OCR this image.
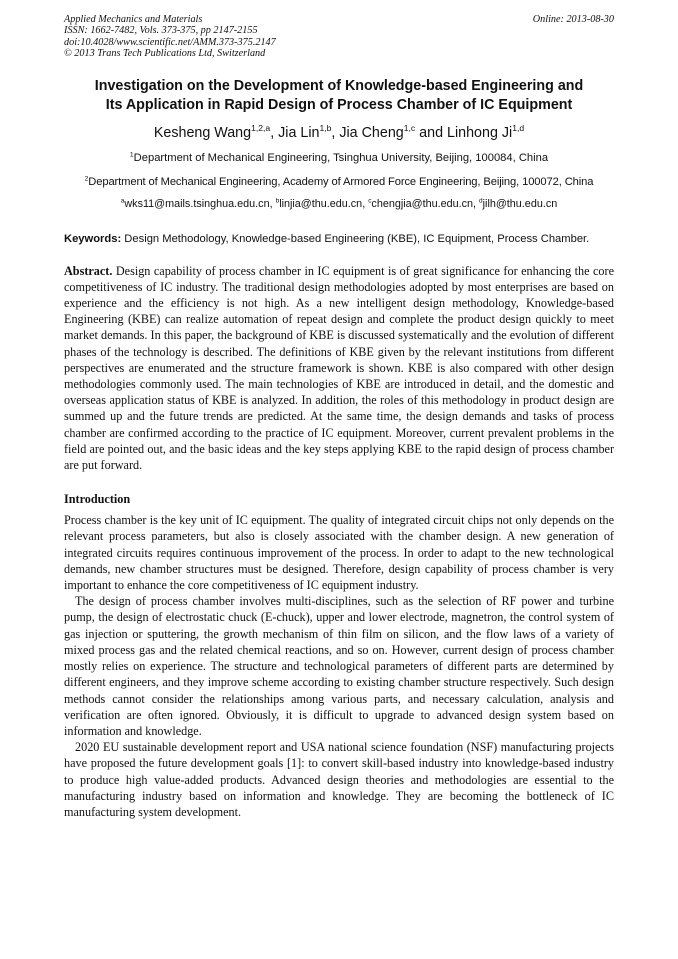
Applied Mechanics and Materials
ISSN: 1662-7482, Vols. 373-375, pp 2147-2155
doi:10.4028/www.scientific.net/AMM.373-375.2147
© 2013 Trans Tech Publications Ltd, Switzerland
Online: 2013-08-30
Investigation on the Development of Knowledge-based Engineering and
Its Application in Rapid Design of Process Chamber of IC Equipment
Kesheng Wang$^{1,2,a}$, Jia Lin$^{1,b}$, Jia Cheng$^{1,c}$ and Linhong Ji$^{1,d}$
$^1$Department of Mechanical Engineering, Tsinghua University, Beijing, 100084, China
$^2$Department of Mechanical Engineering, Academy of Armored Force Engineering, Beijing, 100072, China
$^a$wks11@mails.tsinghua.edu.cn, $^b$linjia@thu.edu.cn, $^c$chengjia@thu.edu.cn, $^d$jilh@thu.edu.cn
Keywords: Design Methodology, Knowledge-based Engineering (KBE), IC Equipment, Process Chamber.
Abstract. Design capability of process chamber in IC equipment is of great significance for enhancing the core competitiveness of IC industry. The traditional design methodologies adopted by most enterprises are based on experience and the efficiency is not high. As a new intelligent design methodology, Knowledge-based Engineering (KBE) can realize automation of repeat design and complete the product design quickly to meet market demands. In this paper, the background of KBE is discussed systematically and the evolution of different phases of the technology is described. The definitions of KBE given by the relevant institutions from different perspectives are enumerated and the structure framework is shown. KBE is also compared with other design methodologies commonly used. The main technologies of KBE are introduced in detail, and the domestic and overseas application status of KBE is analyzed. In addition, the roles of this methodology in product design are summed up and the future trends are predicted. At the same time, the design demands and tasks of process chamber are confirmed according to the practice of IC equipment. Moreover, current prevalent problems in the field are pointed out, and the basic ideas and the key steps applying KBE to the rapid design of process chamber are put forward.
Introduction

Process chamber is the key unit of IC equipment. The quality of integrated circuit chips not only depends on the relevant process parameters, but also is closely associated with the chamber design. A new generation of integrated circuits requires continuous improvement of the process. In order to adapt to the new technological demands, new chamber structures must be designed. Therefore, design capability of process chamber is very important to enhance the core competitiveness of IC equipment industry.

The design of process chamber involves multi-disciplines, such as the selection of RF power and turbine pump, the design of electrostatic chuck (E-chuck), upper and lower electrode, magnetron, the control system of gas injection or sputtering, the growth mechanism of thin film on silicon, and the flow laws of a variety of mixed process gas and the related chemical reactions, and so on. However, current design of process chamber mostly relies on experience. The structure and technological parameters of different parts are determined by different engineers, and they improve scheme according to existing chamber structure respectively. Such design methods cannot consider the relationships among various parts, and necessary calculation, analysis and verification are often ignored. Obviously, it is difficult to upgrade to advanced design system based on information and knowledge.

2020 EU sustainable development report and USA national science foundation (NSF) manufacturing projects have proposed the future development goals [1]: to convert skill-based industry into knowledge-based industry to produce high value-added products. Advanced design theories and methodologies are essential to the manufacturing industry based on information and knowledge. They are becoming the bottleneck of IC manufacturing system development.
